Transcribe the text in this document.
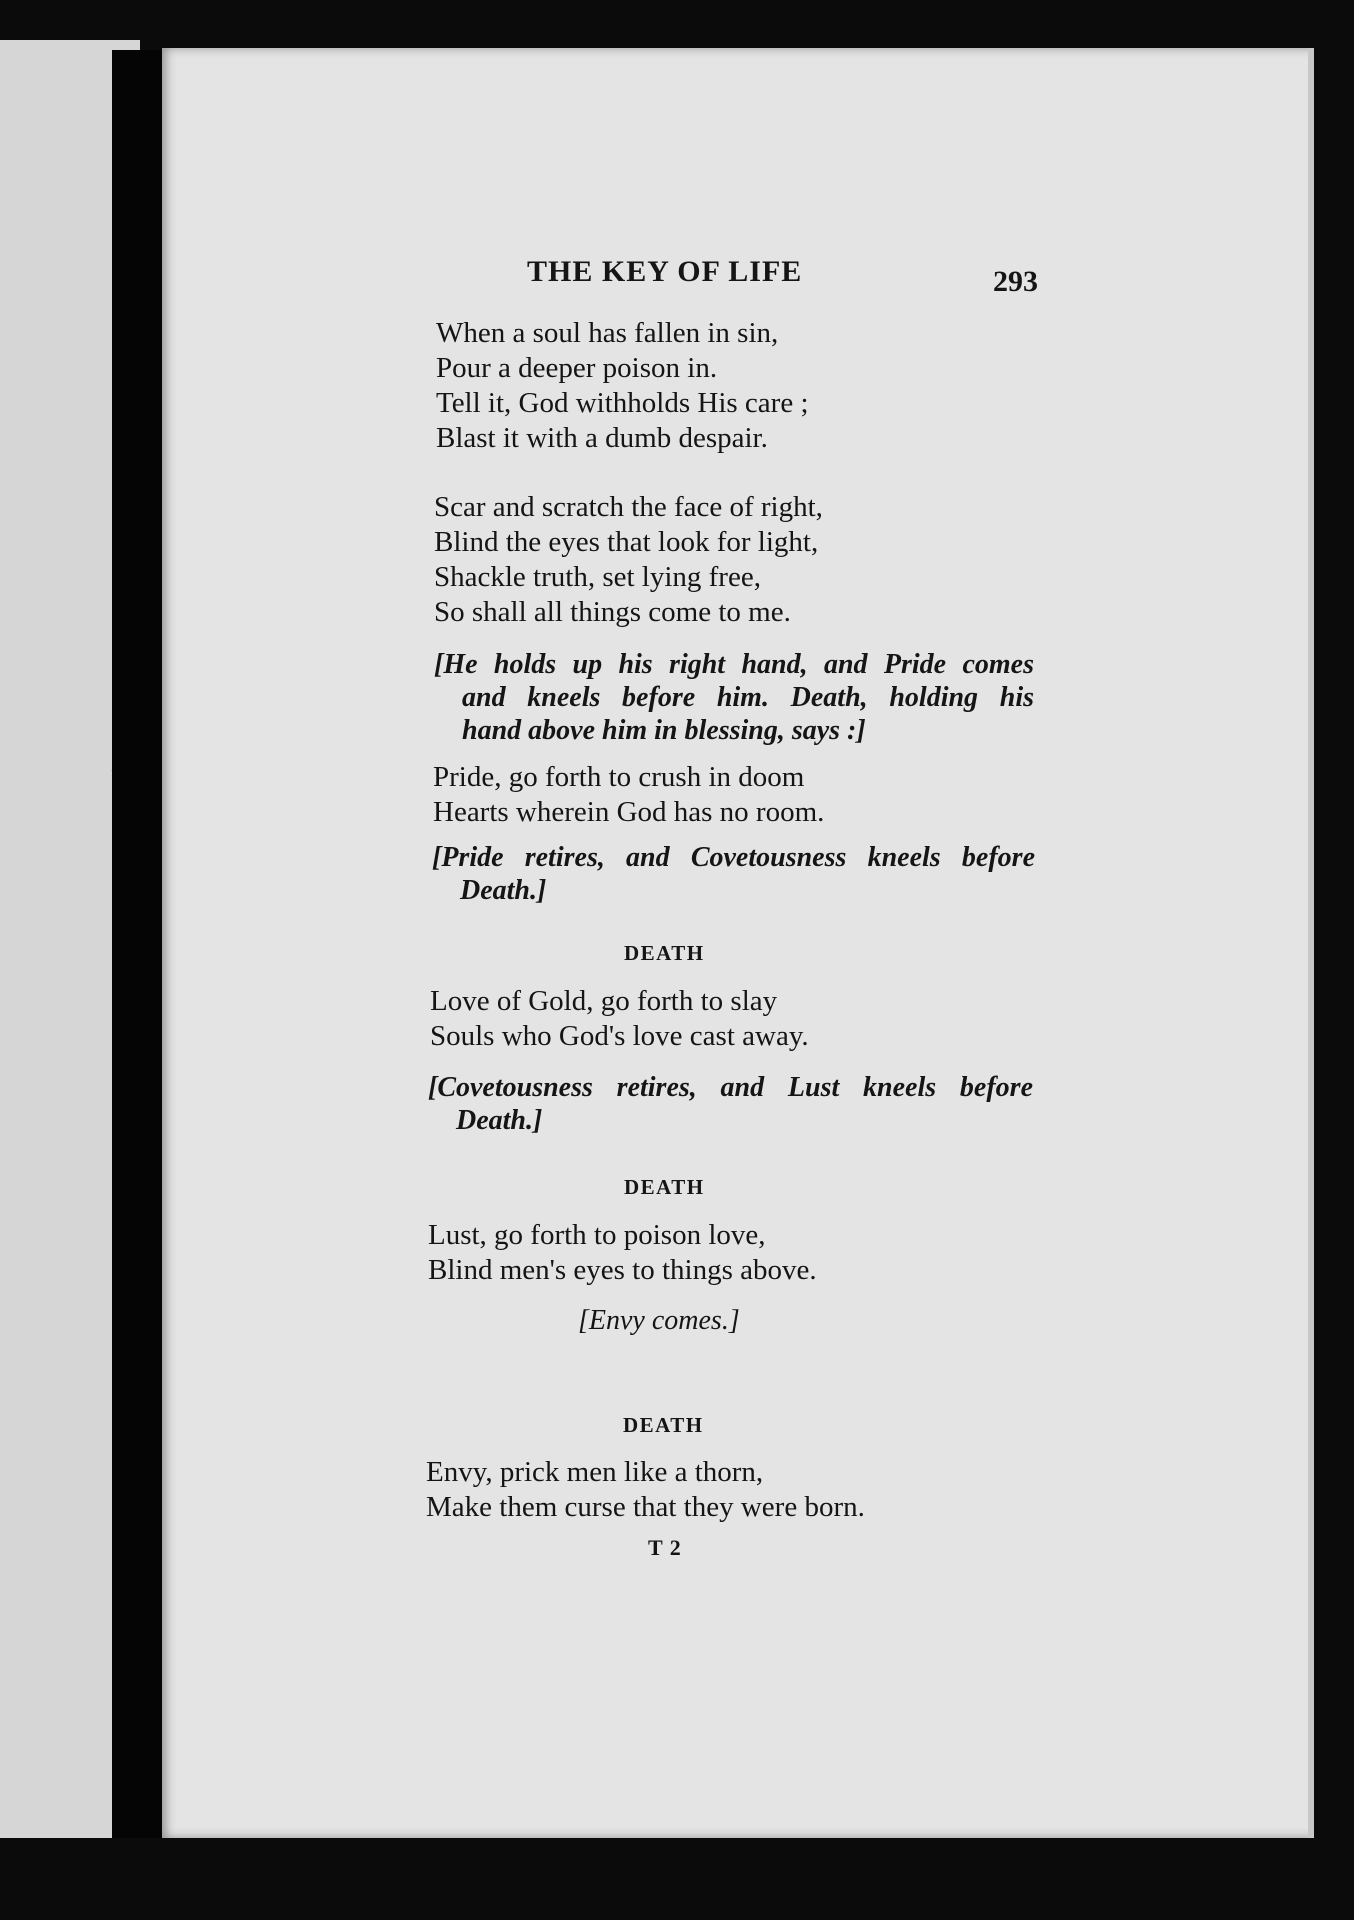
THE KEY OF LIFE	293
When a soul has fallen in sin,
Pour a deeper poison in.
Tell it, God withholds His care ;
Blast it with a dumb despair.
Scar and scratch the face of right,
Blind the eyes that look for light,
Shackle truth, set lying free,
So shall all things come to me.
[He holds up his right hand, and Pride comes
and kneels before him. Death, holding his
hand above him in blessing, says :]
Pride, go forth to crush in doom
Hearts wherein God has no room.
[Pride retires, and Covetousness kneels before
Death.]
DEATH
Love of Gold, go forth to slay
Souls who God's love cast away.
[Covetousness retires, and Lust kneels before
Death.]
DEATH
Lust, go forth to poison love,
Blind men's eyes to things above.
[Envy comes.]
DEATH
Envy, prick men like a thorn,
Make them curse that they were born.
T 2
